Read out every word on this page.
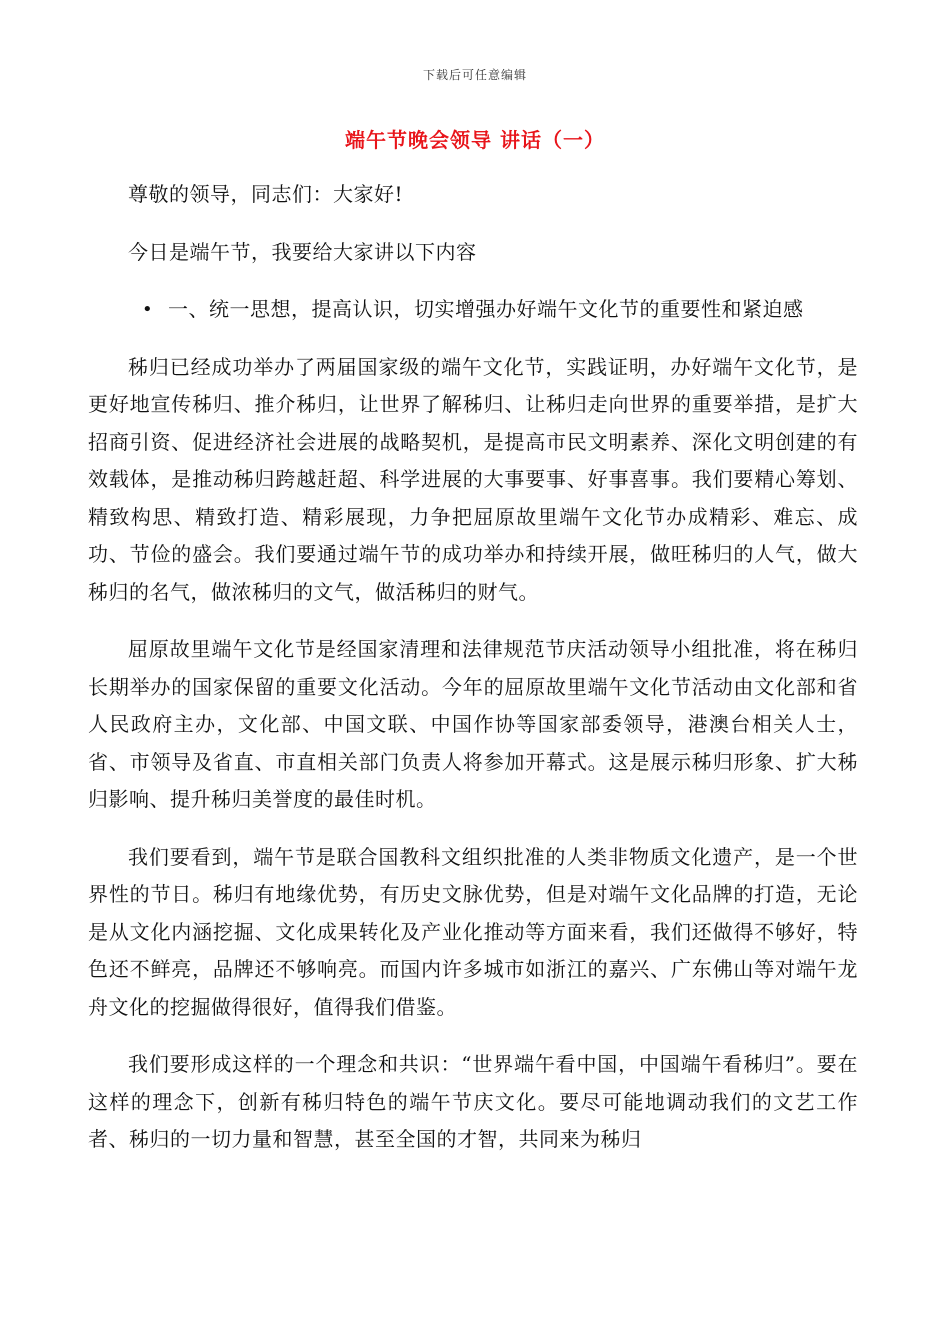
下载后可任意编辑
端午节晚会领导 讲话（一）

尊敬的领导，同志们：大家好!

今日是端午节，我要给大家讲以下内容

• 一、统一思想，提高认识，切实增强办好端午文化节的重要性和紧迫感

秭归已经成功举办了两届国家级的端午文化节，实践证明，办好端午文化节，是更好地宣传秭归、推介秭归，让世界了解秭归、让秭归走向世界的重要举措，是扩大招商引资、促进经济社会进展的战略契机，是提高市民文明素养、深化文明创建的有效载体，是推动秭归跨越赶超、科学进展的大事要事、好事喜事。我们要精心筹划、精致构思、精致打造、精彩展现，力争把屈原故里端午文化节办成精彩、难忘、成功、节俭的盛会。我们要通过端午节的成功举办和持续开展，做旺秭归的人气，做大秭归的名气，做浓秭归的文气，做活秭归的财气。

屈原故里端午文化节是经国家清理和法律规范节庆活动领导小组批准，将在秭归长期举办的国家保留的重要文化活动。今年的屈原故里端午文化节活动由文化部和省人民政府主办，文化部、中国文联、中国作协等国家部委领导，港澳台相关人士，省、市领导及省直、市直相关部门负责人将参加开幕式。这是展示秭归形象、扩大秭归影响、提升秭归美誉度的最佳时机。

我们要看到，端午节是联合国教科文组织批准的人类非物质文化遗产，是一个世界性的节日。秭归有地缘优势，有历史文脉优势，但是对端午文化品牌的打造，无论是从文化内涵挖掘、文化成果转化及产业化推动等方面来看，我们还做得不够好，特色还不鲜亮，品牌还不够响亮。而国内许多城市如浙江的嘉兴、广东佛山等对端午龙舟文化的挖掘做得很好，值得我们借鉴。

我们要形成这样的一个理念和共识：“世界端午看中国，中国端午看秭归”。要在这样的理念下，创新有秭归特色的端午节庆文化。要尽可能地调动我们的文艺工作者、秭归的一切力量和智慧，甚至全国的才智，共同来为秭归
